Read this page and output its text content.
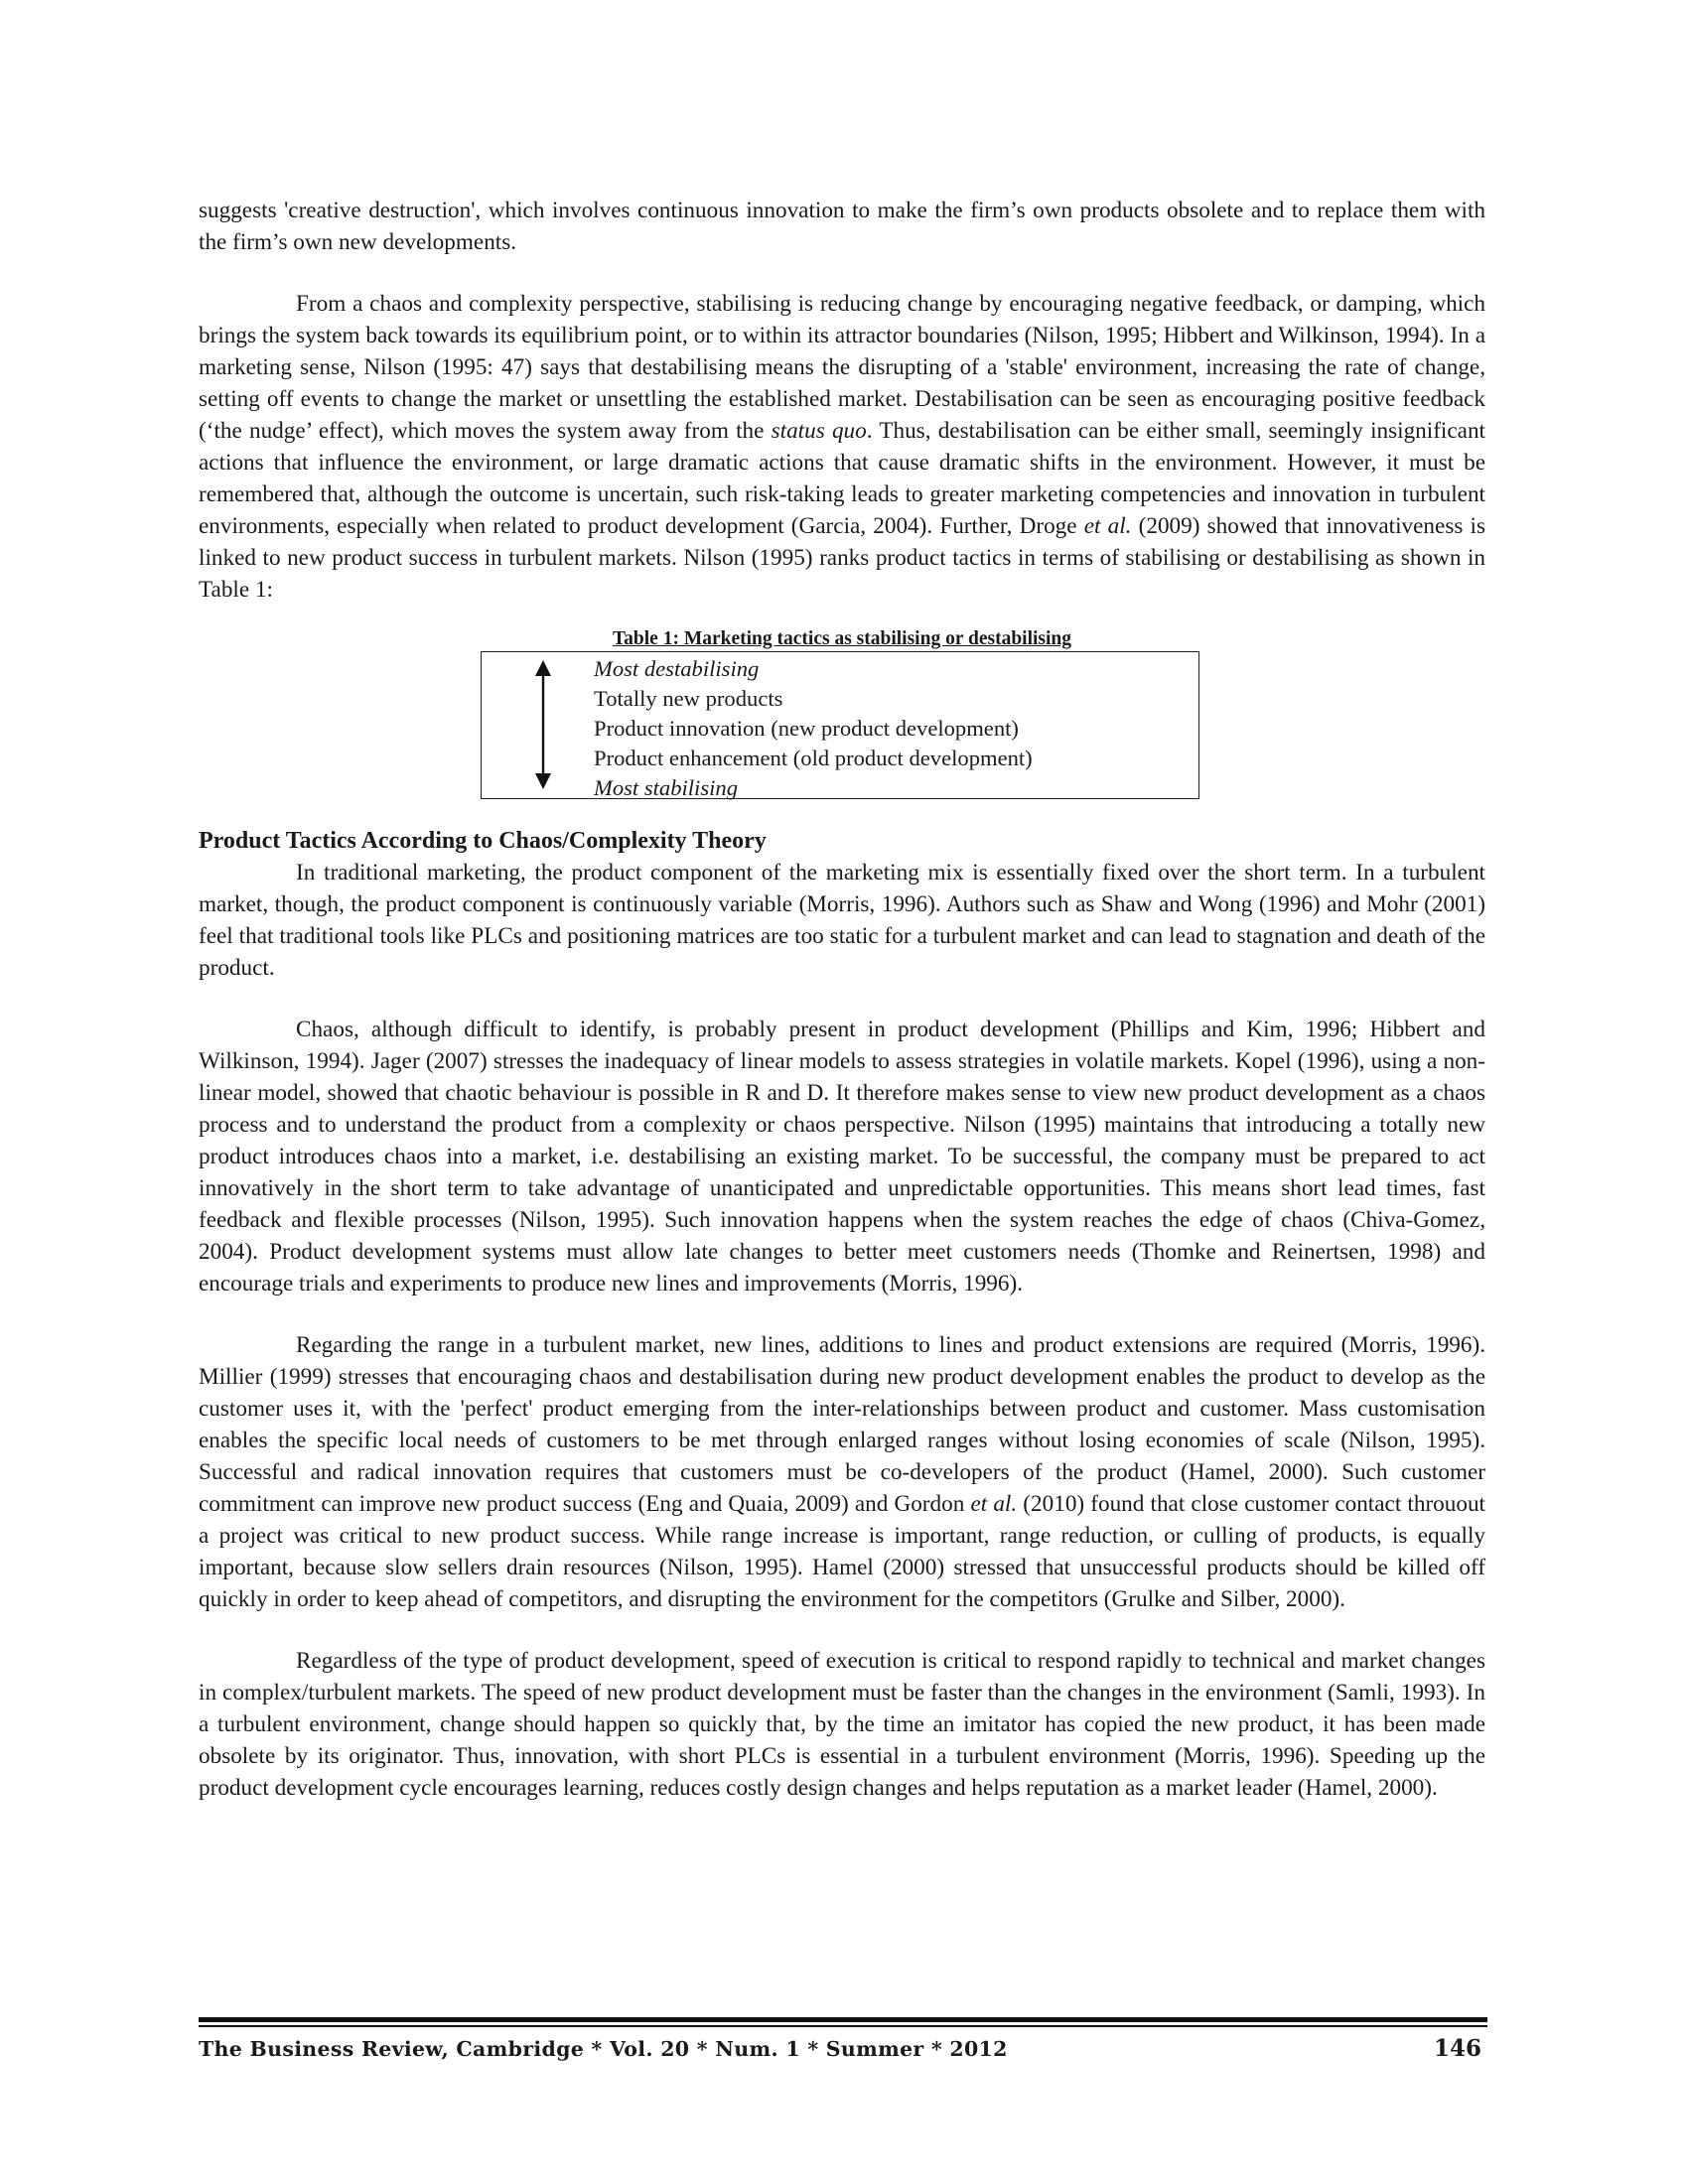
suggests 'creative destruction', which involves continuous innovation to make the firm’s own products obsolete and to replace them with the firm’s own new developments.

From a chaos and complexity perspective, stabilising is reducing change by encouraging negative feedback, or damping, which brings the system back towards its equilibrium point, or to within its attractor boundaries (Nilson, 1995; Hibbert and Wilkinson, 1994). In a marketing sense, Nilson (1995: 47) says that destabilising means the disrupting of a 'stable' environment, increasing the rate of change, setting off events to change the market or unsettling the established market. Destabilisation can be seen as encouraging positive feedback (‘the nudge’ effect), which moves the system away from the status quo. Thus, destabilisation can be either small, seemingly insignificant actions that influence the environment, or large dramatic actions that cause dramatic shifts in the environment. However, it must be remembered that, although the outcome is uncertain, such risk-taking leads to greater marketing competencies and innovation in turbulent environments, especially when related to product development (Garcia, 2004). Further, Droge et al. (2009) showed that innovativeness is linked to new product success in turbulent markets. Nilson (1995) ranks product tactics in terms of stabilising or destabilising as shown in Table 1:

Table 1: Marketing tactics as stabilising or destabilising
Most destabilising
Totally new products
Product innovation (new product development)
Product enhancement (old product development)
Most stabilising
Product Tactics According to Chaos/Complexity Theory

In traditional marketing, the product component of the marketing mix is essentially fixed over the short term. In a turbulent market, though, the product component is continuously variable (Morris, 1996). Authors such as Shaw and Wong (1996) and Mohr (2001) feel that traditional tools like PLCs and positioning matrices are too static for a turbulent market and can lead to stagnation and death of the product.

Chaos, although difficult to identify, is probably present in product development (Phillips and Kim, 1996; Hibbert and Wilkinson, 1994). Jager (2007) stresses the inadequacy of linear models to assess strategies in volatile markets. Kopel (1996), using a non-linear model, showed that chaotic behaviour is possible in R and D. It therefore makes sense to view new product development as a chaos process and to understand the product from a complexity or chaos perspective. Nilson (1995) maintains that introducing a totally new product introduces chaos into a market, i.e. destabilising an existing market. To be successful, the company must be prepared to act innovatively in the short term to take advantage of unanticipated and unpredictable opportunities. This means short lead times, fast feedback and flexible processes (Nilson, 1995). Such innovation happens when the system reaches the edge of chaos (Chiva-Gomez, 2004). Product development systems must allow late changes to better meet customers needs (Thomke and Reinertsen, 1998) and encourage trials and experiments to produce new lines and improvements (Morris, 1996).

Regarding the range in a turbulent market, new lines, additions to lines and product extensions are required (Morris, 1996). Millier (1999) stresses that encouraging chaos and destabilisation during new product development enables the product to develop as the customer uses it, with the 'perfect' product emerging from the inter-relationships between product and customer. Mass customisation enables the specific local needs of customers to be met through enlarged ranges without losing economies of scale (Nilson, 1995). Successful and radical innovation requires that customers must be co-developers of the product (Hamel, 2000). Such customer commitment can improve new product success (Eng and Quaia, 2009) and Gordon et al. (2010) found that close customer contact throuout a project was critical to new product success. While range increase is important, range reduction, or culling of products, is equally important, because slow sellers drain resources (Nilson, 1995). Hamel (2000) stressed that unsuccessful products should be killed off quickly in order to keep ahead of competitors, and disrupting the environment for the competitors (Grulke and Silber, 2000).

Regardless of the type of product development, speed of execution is critical to respond rapidly to technical and market changes in complex/turbulent markets. The speed of new product development must be faster than the changes in the environment (Samli, 1993). In a turbulent environment, change should happen so quickly that, by the time an imitator has copied the new product, it has been made obsolete by its originator. Thus, innovation, with short PLCs is essential in a turbulent environment (Morris, 1996). Speeding up the product development cycle encourages learning, reduces costly design changes and helps reputation as a market leader (Hamel, 2000).

The Business Review, Cambridge * Vol. 20 * Num. 1 * Summer * 2012	146
